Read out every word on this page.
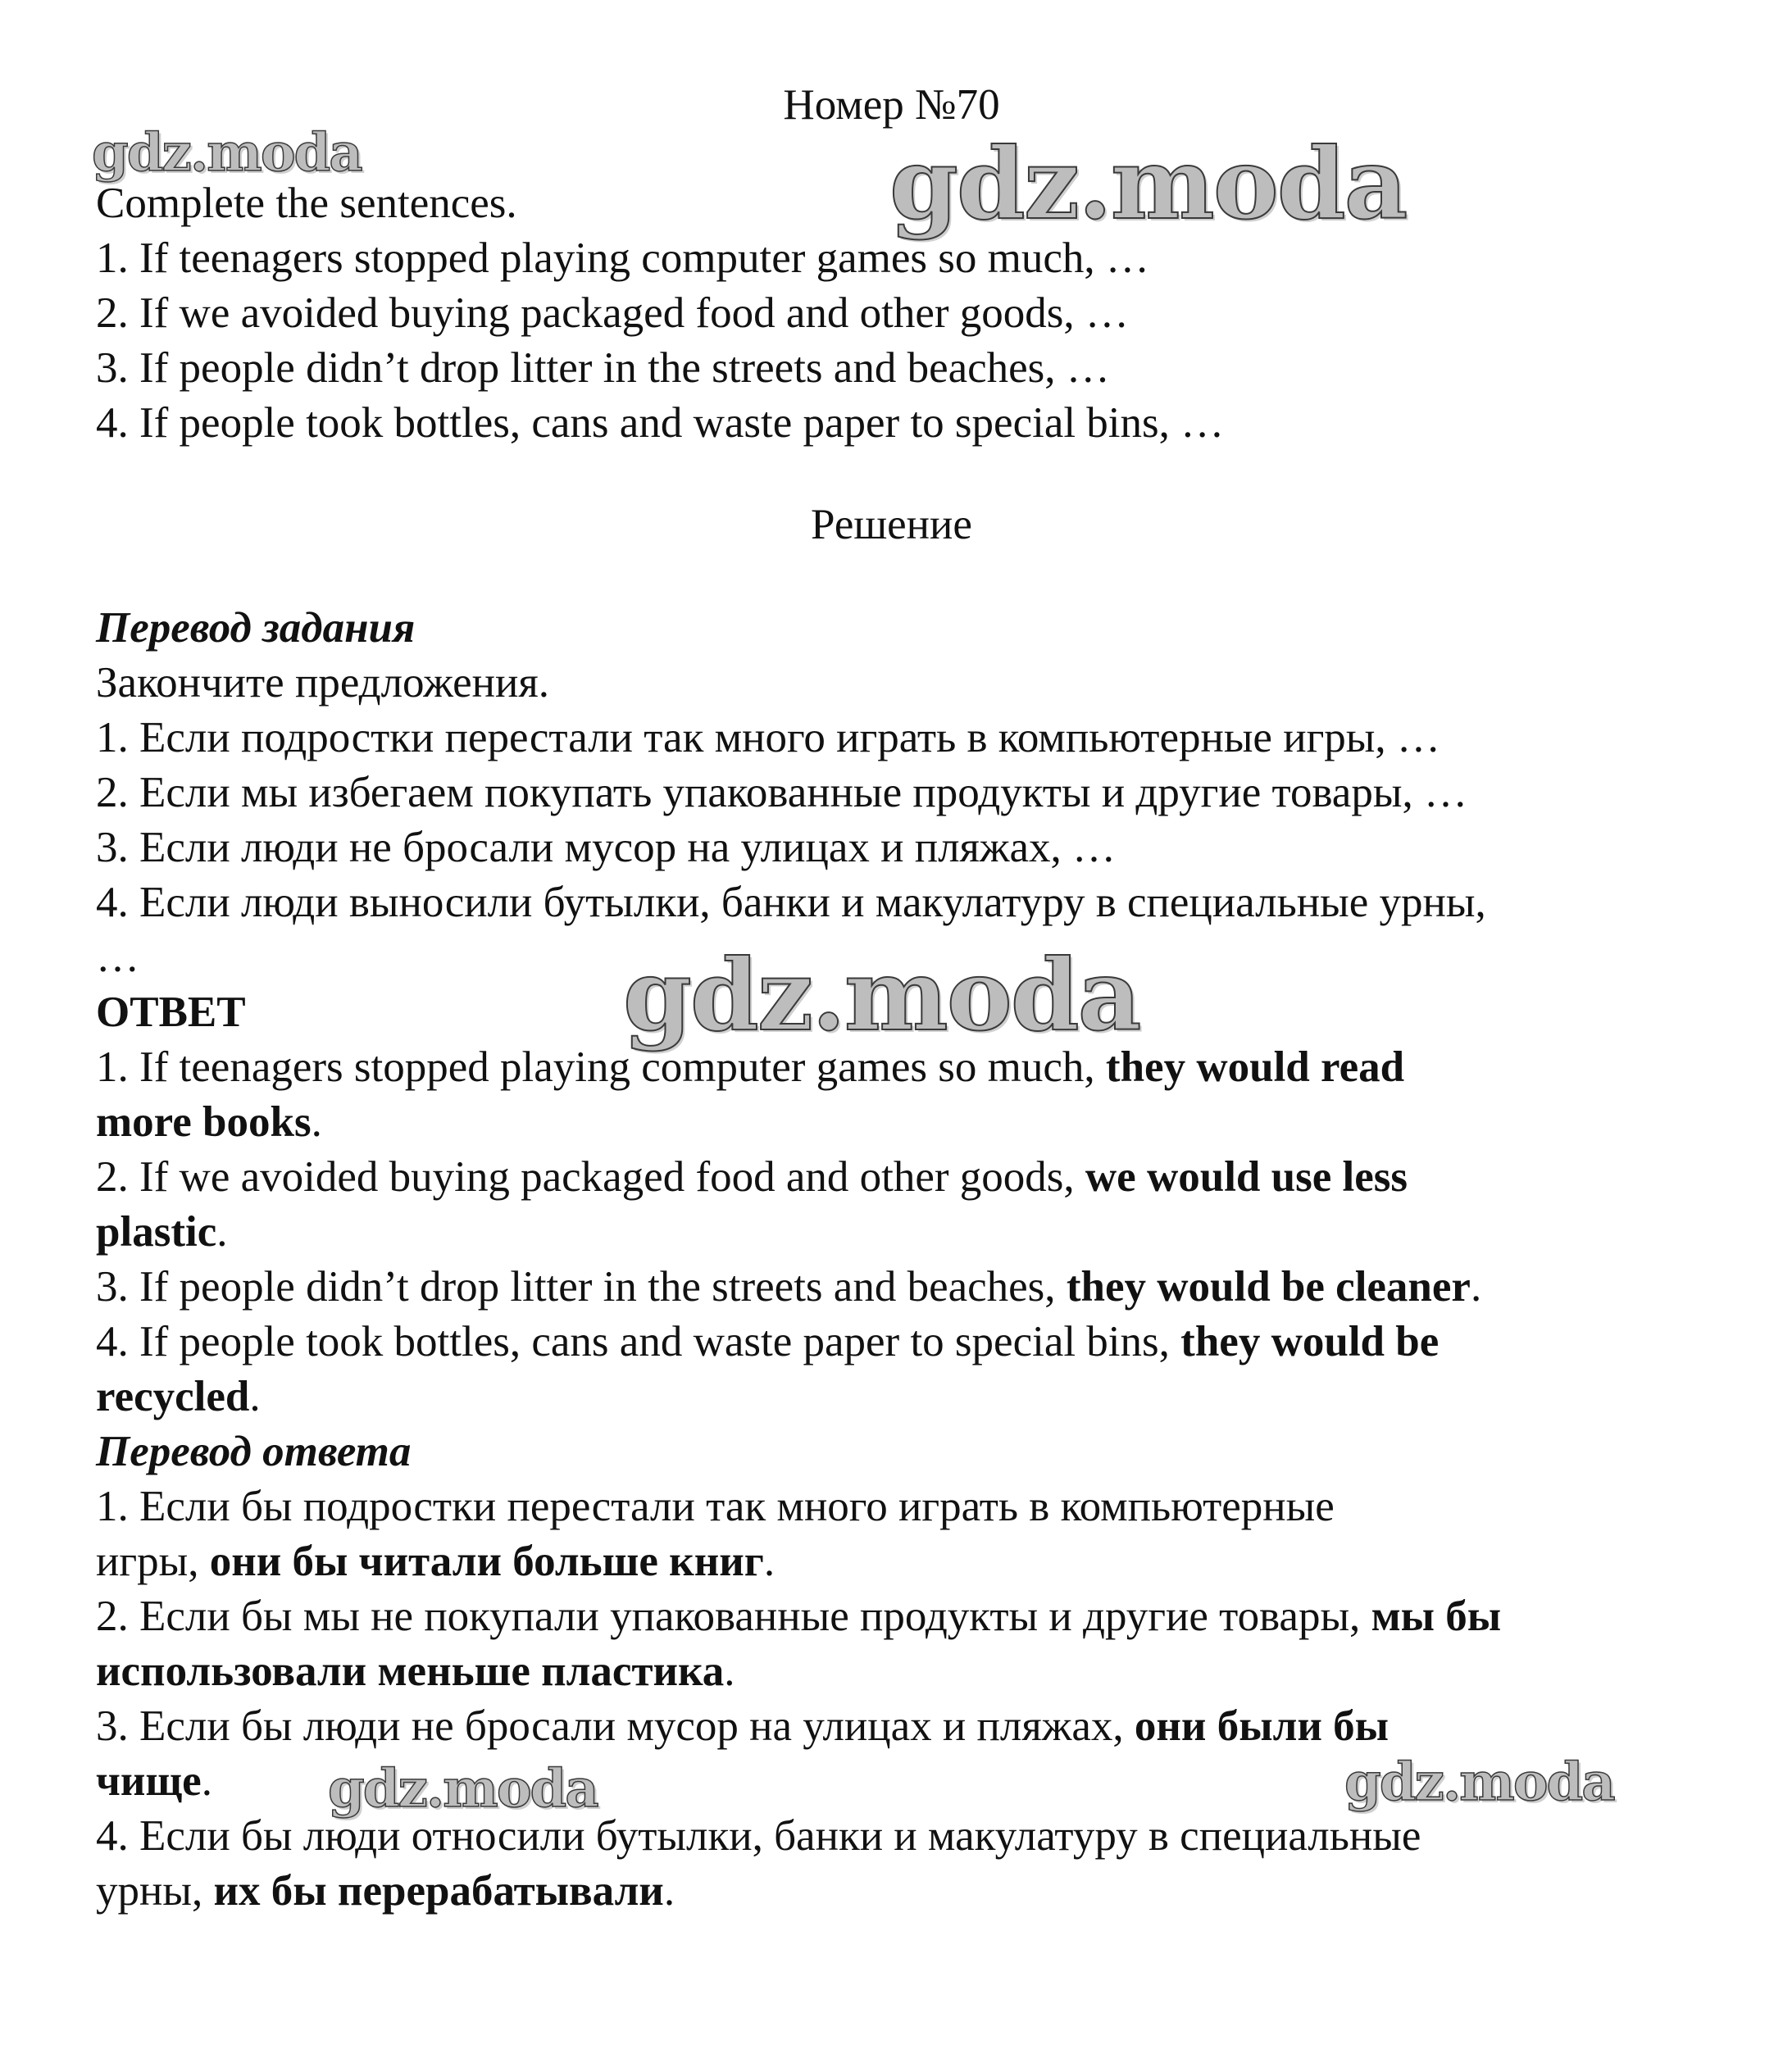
Номер №70
Complete the sentences.
1. If teenagers stopped playing computer games so much, …
2. If we avoided buying packaged food and other goods, …
3. If people didn’t drop litter in the streets and beaches, …
4. If people took bottles, cans and waste paper to special bins, …
Решение
Перевод задания
Закончите предложения.
1. Если подростки перестали так много играть в компьютерные игры, …
2. Если мы избегаем покупать упакованные продукты и другие товары, …
3. Если люди не бросали мусор на улицах и пляжах, …
4. Если люди выносили бутылки, банки и макулатуру в специальные урны,
…
ОТВЕТ
1. If teenagers stopped playing computer games so much, they would read
more books.
2. If we avoided buying packaged food and other goods, we would use less
plastic.
3. If people didn’t drop litter in the streets and beaches, they would be cleaner.
4. If people took bottles, cans and waste paper to special bins, they would be
recycled.
Перевод ответа
1. Если бы подростки перестали так много играть в компьютерные
игры, они бы читали больше книг.
2. Если бы мы не покупали упакованные продукты и другие товары, мы бы
использовали меньше пластика.
3. Если бы люди не бросали мусор на улицах и пляжах, они были бы
чище.
4. Если бы люди относили бутылки, банки и макулатуру в специальные
урны, их бы перерабатывали.
gdz.moda	gdz.moda
gdz.moda
gdz.moda	gdz.moda
